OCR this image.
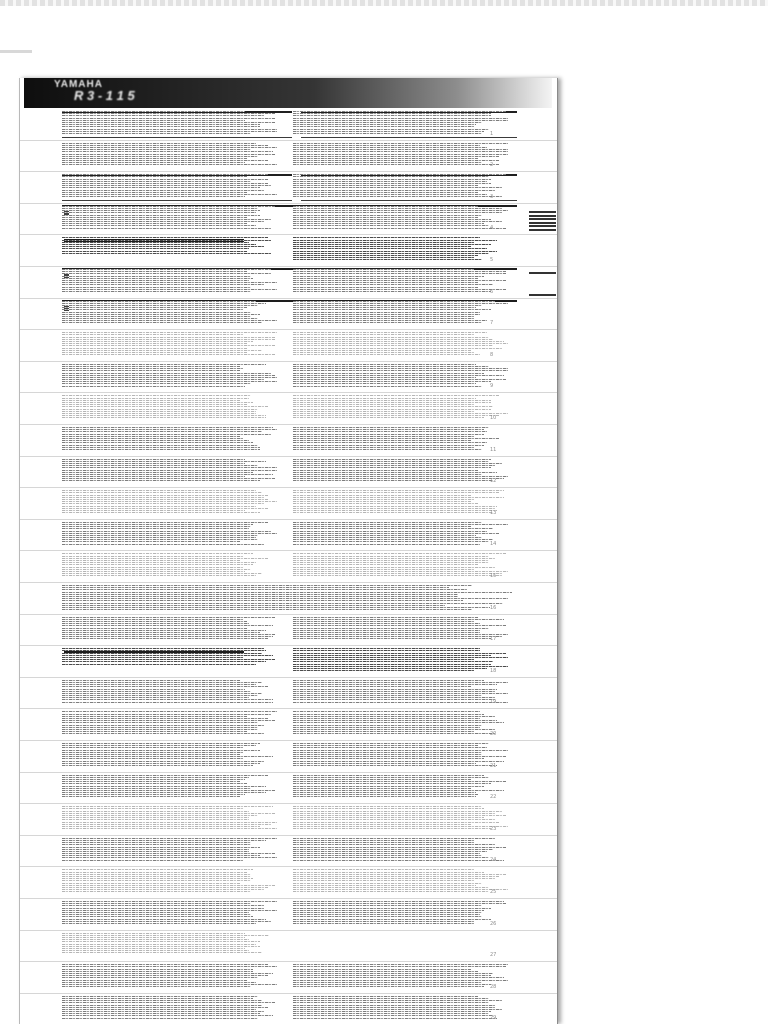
YAMAHA
R 3 - 1 1 5
1
2
3
4
5
6
7
8
9
10
11
12
13
14
15
16
17
18
19
20
21
22
23
24
25
26
27
28
29
